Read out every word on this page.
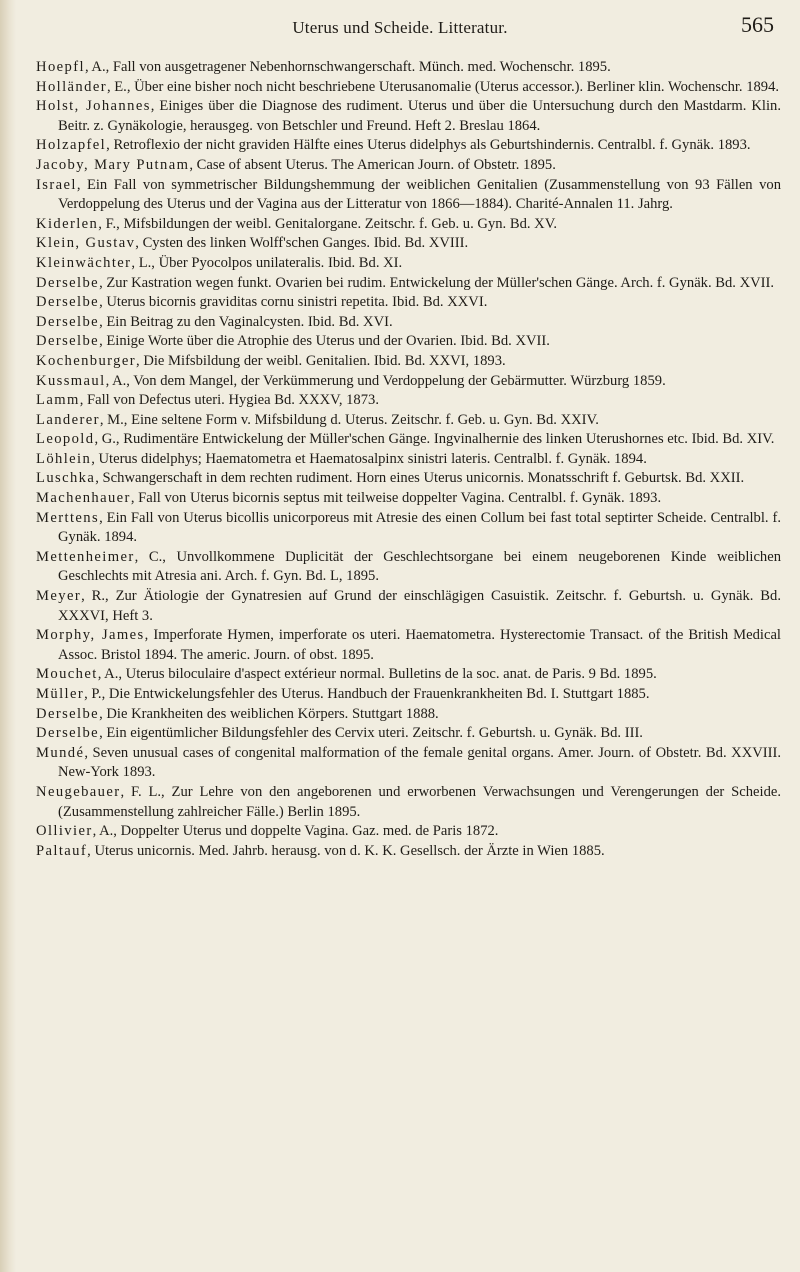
Uterus und Scheide. Litteratur.	565
Hoepfl, A., Fall von ausgetragener Nebenhornschwangerschaft. Münch. med. Wochenschr. 1895.
Holländer, E., Über eine bisher noch nicht beschriebene Uterusanomalie (Uterus accessor.). Berliner klin. Wochenschr. 1894.
Holst, Johannes, Einiges über die Diagnose des rudiment. Uterus und über die Untersuchung durch den Mastdarm. Klin. Beitr. z. Gynäkologie, herausgeg. von Betschler und Freund. Heft 2. Breslau 1864.
Holzapfel, Retroflexio der nicht graviden Hälfte eines Uterus didelphys als Geburtshindernis. Centralbl. f. Gynäk. 1893.
Jacoby, Mary Putnam, Case of absent Uterus. The American Journ. of Obstetr. 1895.
Israel, Ein Fall von symmetrischer Bildungshemmung der weiblichen Genitalien (Zusammenstellung von 93 Fällen von Verdoppelung des Uterus und der Vagina aus der Litteratur von 1866—1884). Charité-Annalen 11. Jahrg.
Kiderlen, F., Mifsbildungen der weibl. Genitalorgane. Zeitschr. f. Geb. u. Gyn. Bd. XV.
Klein, Gustav, Cysten des linken Wolff'schen Ganges. Ibid. Bd. XVIII.
Kleinwächter, L., Über Pyocolpos unilateralis. Ibid. Bd. XI.
Derselbe, Zur Kastration wegen funkt. Ovarien bei rudim. Entwickelung der Müller'schen Gänge. Arch. f. Gynäk. Bd. XVII.
Derselbe, Uterus bicornis graviditas cornu sinistri repetita. Ibid. Bd. XXVI.
Derselbe, Ein Beitrag zu den Vaginalcysten. Ibid. Bd. XVI.
Derselbe, Einige Worte über die Atrophie des Uterus und der Ovarien. Ibid. Bd. XVII.
Kochenburger, Die Mifsbildung der weibl. Genitalien. Ibid. Bd. XXVI, 1893.
Kussmaul, A., Von dem Mangel, der Verkümmerung und Verdoppelung der Gebärmutter. Würzburg 1859.
Lamm, Fall von Defectus uteri. Hygiea Bd. XXXV, 1873.
Landerer, M., Eine seltene Form v. Mifsbildung d. Uterus. Zeitschr. f. Geb. u. Gyn. Bd. XXIV.
Leopold, G., Rudimentäre Entwickelung der Müller'schen Gänge. Ingvinalhernie des linken Uterushornes etc. Ibid. Bd. XIV.
Löhlein, Uterus didelphys; Haematometra et Haematosalpinx sinistri lateris. Centralbl. f. Gynäk. 1894.
Luschka, Schwangerschaft in dem rechten rudiment. Horn eines Uterus unicornis. Monatsschrift f. Geburtsk. Bd. XXII.
Machenhauer, Fall von Uterus bicornis septus mit teilweise doppelter Vagina. Centralbl. f. Gynäk. 1893.
Merttens, Ein Fall von Uterus bicollis unicorporeus mit Atresie des einen Collum bei fast total septirter Scheide. Centralbl. f. Gynäk. 1894.
Mettenheimer, C., Unvollkommene Duplicität der Geschlechtsorgane bei einem neugeborenen Kinde weiblichen Geschlechts mit Atresia ani. Arch. f. Gyn. Bd. L, 1895.
Meyer, R., Zur Ätiologie der Gynatresien auf Grund der einschlägigen Casuistik. Zeitschr. f. Geburtsh. u. Gynäk. Bd. XXXVI, Heft 3.
Morphy, James, Imperforate Hymen, imperforate os uteri. Haematometra. Hysterectomie Transact. of the British Medical Assoc. Bristol 1894. The americ. Journ. of obst. 1895.
Mouchet, A., Uterus biloculaire d'aspect extérieur normal. Bulletins de la soc. anat. de Paris. 9 Bd. 1895.
Müller, P., Die Entwickelungsfehler des Uterus. Handbuch der Frauenkrankheiten Bd. I. Stuttgart 1885.
Derselbe, Die Krankheiten des weiblichen Körpers. Stuttgart 1888.
Derselbe, Ein eigentümlicher Bildungsfehler des Cervix uteri. Zeitschr. f. Geburtsh. u. Gynäk. Bd. III.
Mundé, Seven unusual cases of congenital malformation of the female genital organs. Amer. Journ. of Obstetr. Bd. XXVIII. New-York 1893.
Neugebauer, F. L., Zur Lehre von den angeborenen und erworbenen Verwachsungen und Verengerungen der Scheide. (Zusammenstellung zahlreicher Fälle.) Berlin 1895.
Ollivier, A., Doppelter Uterus und doppelte Vagina. Gaz. med. de Paris 1872.
Paltauf, Uterus unicornis. Med. Jahrb. herausg. von d. K. K. Gesellsch. der Ärzte in Wien 1885.
